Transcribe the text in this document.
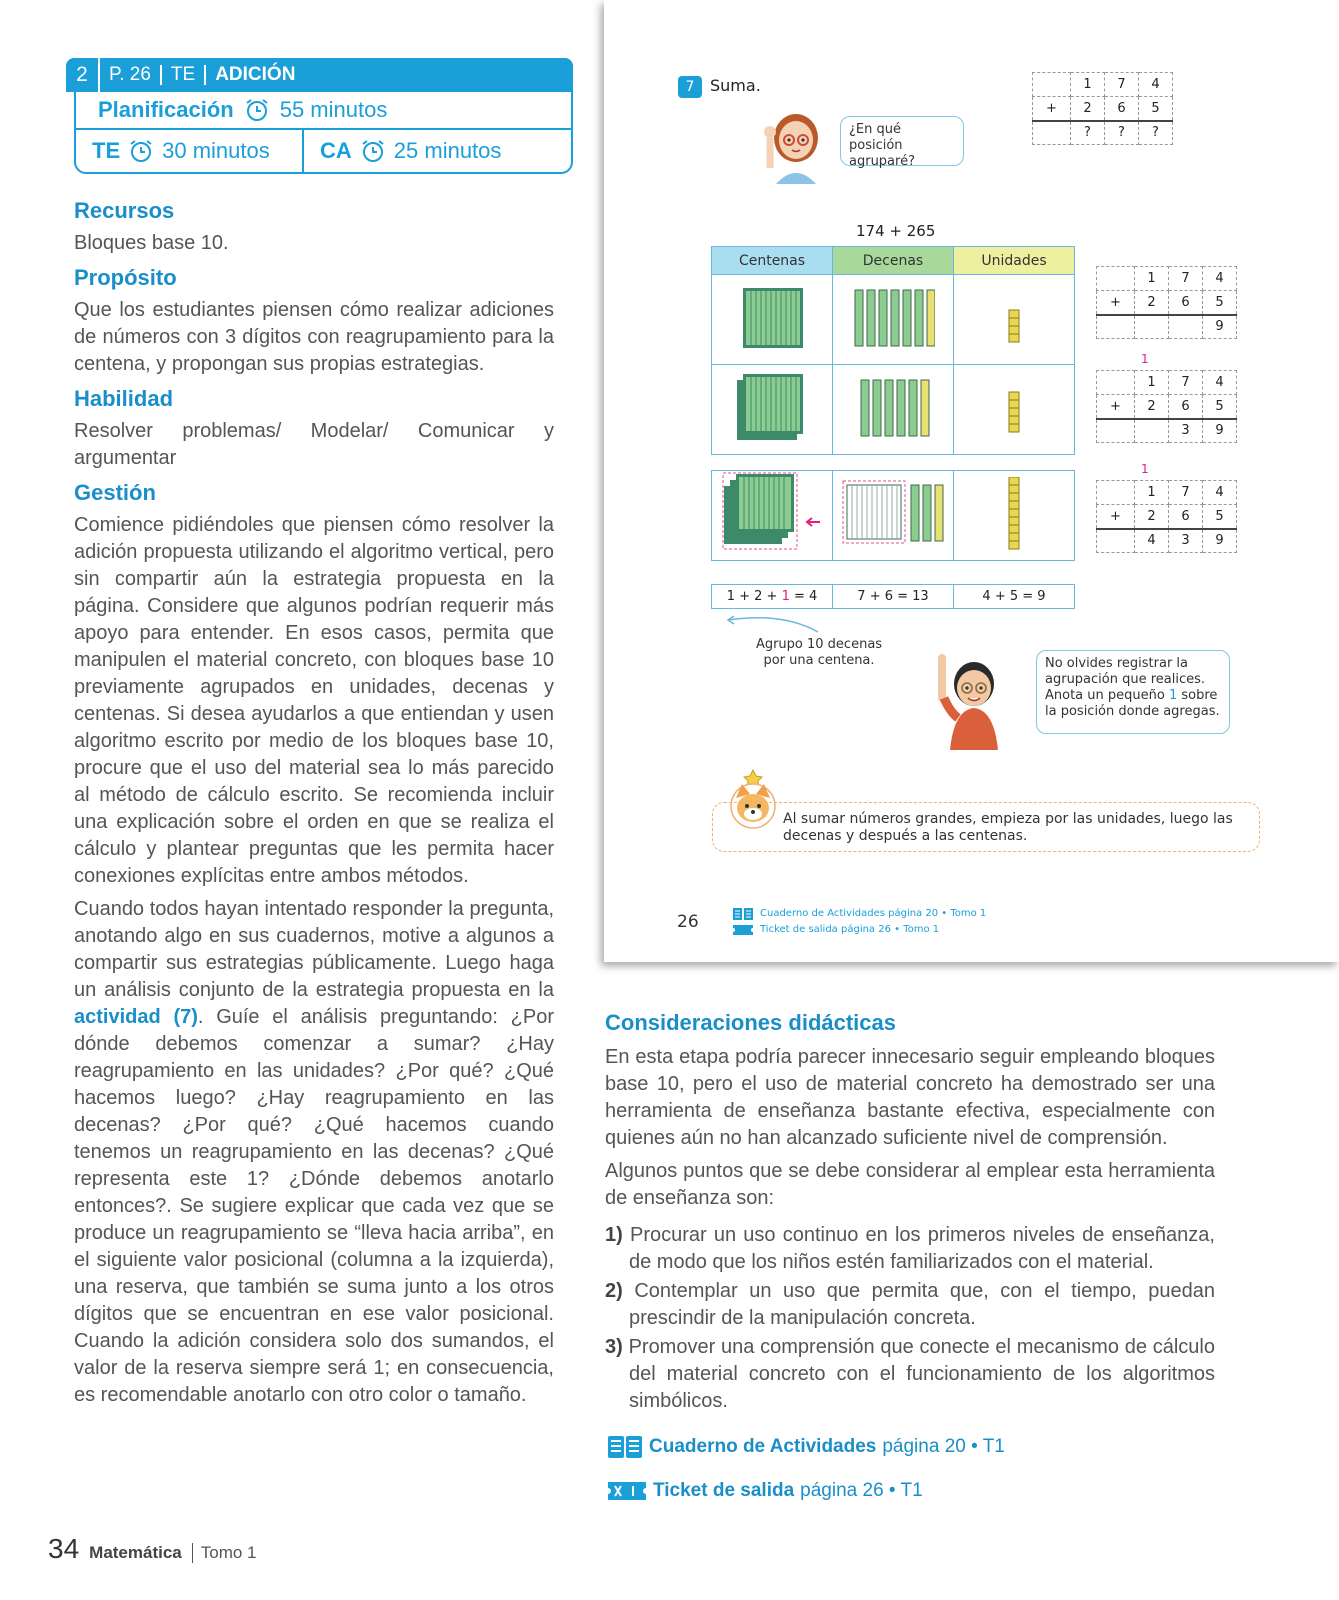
2	P. 26	TE	ADICIÓN
Planificación 55 minutos
TE 30 minutos CA 25 minutos
Recursos

Bloques base 10.

Propósito

Que los estudiantes piensen cómo realizar adiciones de números con 3 dígitos con reagrupamiento para la centena, y propongan sus propias estrategias.

Habilidad

Resolver problemas/ Modelar/ Comunicar y argumentar

Gestión

Comience pidiéndoles que piensen cómo resolver la adición propuesta utilizando el algoritmo vertical, pero sin compartir aún la estrategia propuesta en la página. Considere que algunos podrían requerir más apoyo para entender. En esos casos, permita que manipulen el material concreto, con bloques base 10 previamente agrupados en unidades, decenas y centenas. Si desea ayudarlos a que entiendan y usen algoritmo escrito por medio de los bloques base 10, procure que el uso del material sea lo más parecido al método de cálculo escrito. Se recomienda incluir una explicación sobre el orden en que se realiza el cálculo y plantear preguntas que les permita hacer conexiones explícitas entre ambos métodos.

Cuando todos hayan intentado responder la pregunta, anotando algo en sus cuadernos, motive a algunos a compartir sus estrategias públicamente. Luego haga un análisis conjunto de la estrategia propuesta en la actividad (7). Guíe el análisis preguntando: ¿Por dónde debemos comenzar a sumar? ¿Hay reagrupamiento en las unidades? ¿Por qué? ¿Qué hacemos luego? ¿Hay reagrupamiento en las decenas? ¿Por qué? ¿Qué hacemos cuando tenemos un reagrupamiento en las decenas? ¿Qué representa este 1? ¿Dónde debemos anotarlo entonces?. Se sugiere explicar que cada vez que se produce un reagrupamiento se “lleva hacia arriba”, en el siguiente valor posicional (columna a la izquierda), una reserva, que también se suma junto a los otros dígitos que se encuentran en ese valor posicional. Cuando la adición considera solo dos sumandos, el valor de la reserva siempre será 1; en consecuencia, es recomendable anotarlo con otro color o tamaño.

34 Matemática	Tomo 1
7 Suma.
¿En qué posición agruparé?
	1	7	4
+	2	6	5
	?	?	?
174 + 265
Centenas	Decenas	Unidades

1 + 2 + 1 = 4	7 + 6 = 13	4 + 5 = 9
Agrupo 10 decenas por una centena.
	1	7	4
+	2	6	5
			9
1
	1	7	4
+	2	6	5
		3	9
1
	1	7	4
+	2	6	5
	4	3	9
No olvides registrar la agrupación que realices. Anota un pequeño 1 sobre la posición donde agregas.
Al sumar números grandes, empieza por las unidades, luego las decenas y después a las centenas.
26	Cuaderno de Actividades página 20 • Tomo 1
Ticket de salida página 26 • Tomo 1
Consideraciones didácticas

En esta etapa podría parecer innecesario seguir empleando bloques base 10, pero el uso de material concreto ha demostrado ser una herramienta de enseñanza bastante efectiva, especialmente con quienes aún no han alcanzado suficiente nivel de comprensión.

Algunos puntos que se debe considerar al emplear esta herramienta de enseñanza son:

1) Procurar un uso continuo en los primeros niveles de enseñanza, de modo que los niños estén familiarizados con el material.
2) Contemplar un uso que permita que, con el tiempo, puedan prescindir de la manipulación concreta.
3) Promover una comprensión que conecte el mecanismo de cálculo del material concreto con el funcionamiento de los algoritmos simbólicos.
Cuaderno de Actividades página 20 • T1
Ticket de salida página 26 • T1
